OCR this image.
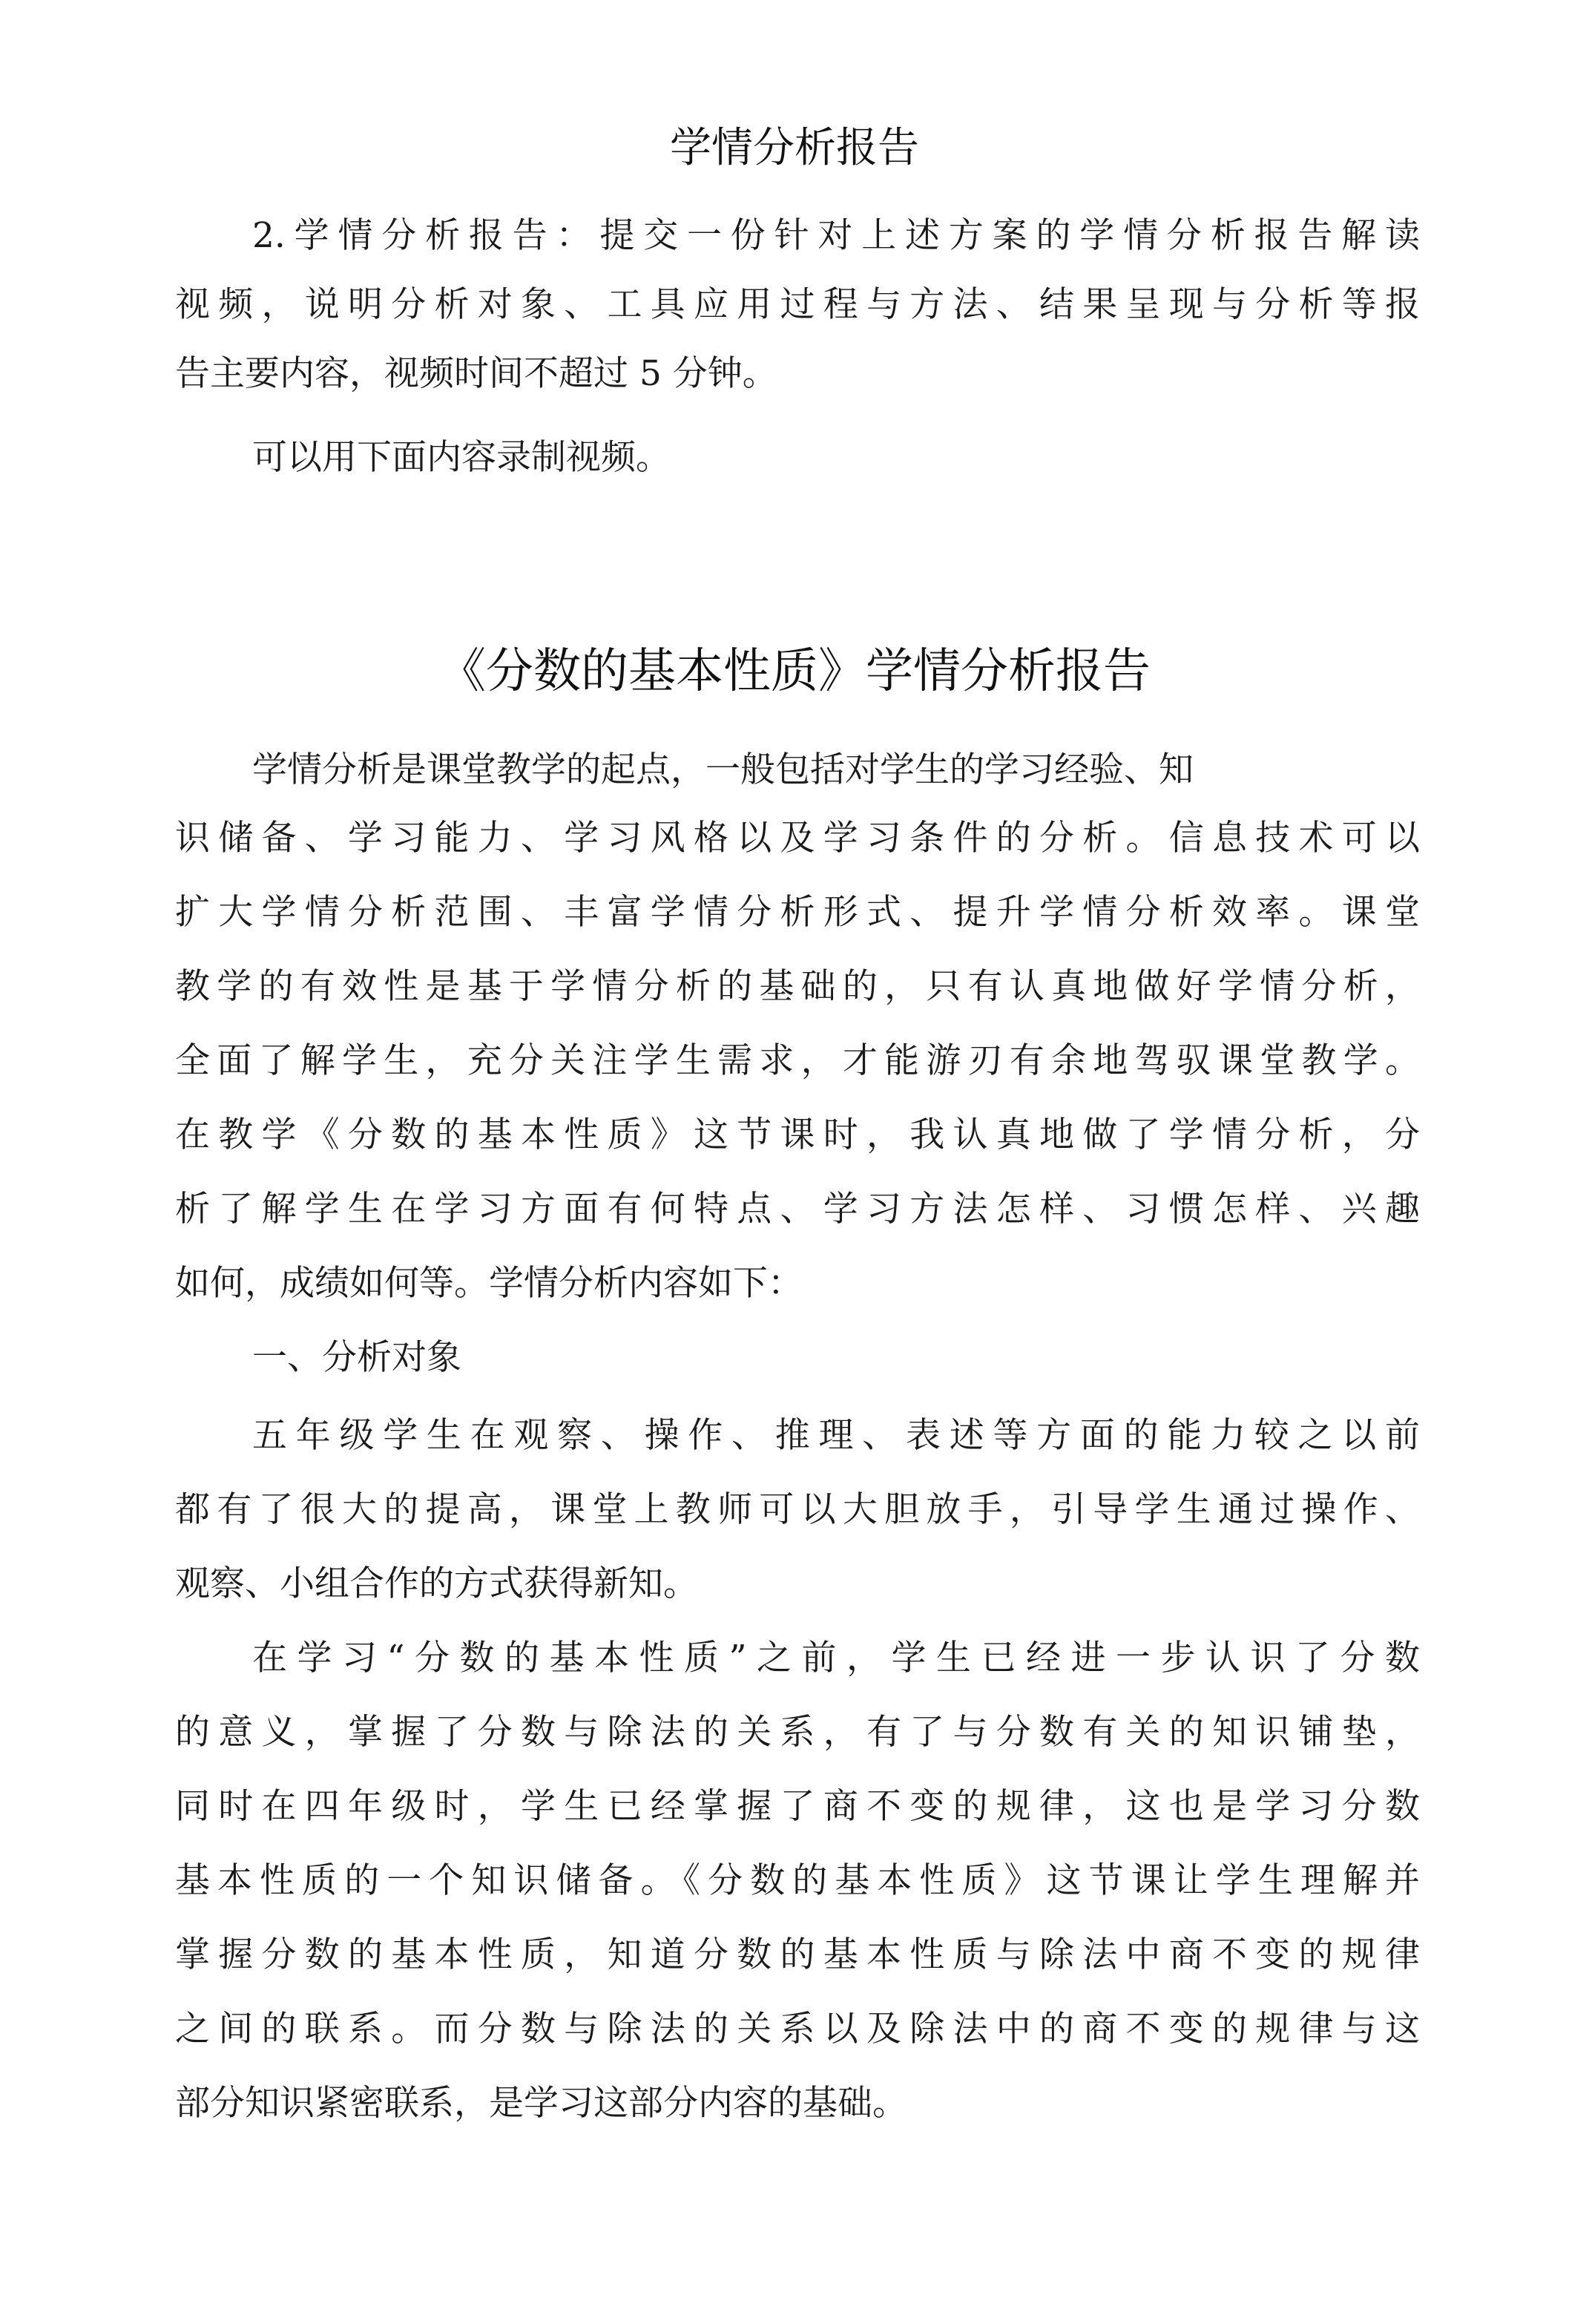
学情分析报告

2.学情分析报告：提交一份针对上述方案的学情分析报告解读

视频，说明分析对象、工具应用过程与方法、结果呈现与分析等报

告主要内容，视频时间不超过 5 分钟。

可以用下面内容录制视频。

《分数的基本性质》学情分析报告

学情分析是课堂教学的起点，一般包括对学生的学习经验、知

识储备、学习能力、学习风格以及学习条件的分析。信息技术可以

扩大学情分析范围、丰富学情分析形式、提升学情分析效率。课堂

教学的有效性是基于学情分析的基础的，只有认真地做好学情分析，

全面了解学生，充分关注学生需求，才能游刃有余地驾驭课堂教学。

在教学《分数的基本性质》这节课时，我认真地做了学情分析，分

析了解学生在学习方面有何特点、学习方法怎样、习惯怎样、兴趣

如何，成绩如何等。学情分析内容如下：

一、分析对象

五年级学生在观察、操作、推理、表述等方面的能力较之以前

都有了很大的提高，课堂上教师可以大胆放手，引导学生通过操作、

观察、小组合作的方式获得新知。

在学习“分数的基本性质”之前，学生已经进一步认识了分数

的意义，掌握了分数与除法的关系，有了与分数有关的知识铺垫，

同时在四年级时，学生已经掌握了商不变的规律，这也是学习分数

基本性质的一个知识储备。《分数的基本性质》这节课让学生理解并

掌握分数的基本性质，知道分数的基本性质与除法中商不变的规律

之间的联系。而分数与除法的关系以及除法中的商不变的规律与这

部分知识紧密联系，是学习这部分内容的基础。
